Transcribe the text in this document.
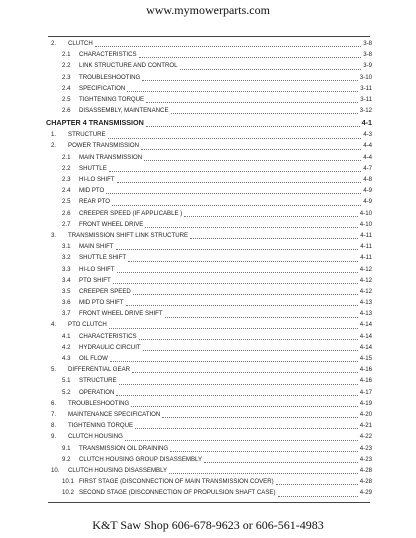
www.mymowerparts.com
2.	CLUTCH	3-8
2.1	CHARACTERISTICS	3-8
2.2	LINK STRUCTURE AND CONTROL	3-9
2.3	TROUBLESHOOTING	3-10
2.4	SPECIFICATION	3-11
2.5	TIGHTENING TORQUE	3-11
2.6	DISASSEMBLY, MAINTENANCE	3-12
CHAPTER 4 TRANSMISSION	4-1
1.	STRUCTURE	4-3
2.	POWER TRANSMISSION	4-4
2.1	MAIN TRANSMISSION	4-4
2.2	SHUTTLE	4-7
2.3	HI-LO SHIFT	4-8
2.4	MID PTO	4-9
2.5	REAR PTO	4-9
2.6	CREEPER SPEED (IF APPLICABLE )	4-10
2.7	FRONT WHEEL DRIVE	4-10
3.	TRANSMISSION SHIFT LINK STRUCTURE	4-11
3.1	MAIN SHIFT	4-11
3.2	SHUTTLE SHIFT	4-11
3.3	HI-LO SHIFT	4-12
3.4	PTO SHIFT	4-12
3.5	CREEPER SPEED	4-12
3.6	MID PTO SHIFT	4-13
3.7	FRONT WHEEL DRIVE SHIFT	4-13
4.	PTO CLUTCH	4-14
4.1	CHARACTERISTICS	4-14
4.2	HYDRAULIC CIRCUIT	4-14
4.3	OIL FLOW	4-15
5.	DIFFERENTIAL GEAR	4-16
5.1	STRUCTURE	4-16
5.2	OPERATION	4-17
6.	TROUBLESHOOTING	4-19
7.	MAINTENANCE SPECIFICATION	4-20
8.	TIGHTENING TORQUE	4-21
9.	CLUTCH HOUSING	4-22
9.1	TRANSMISSION OIL DRAINING	4-23
9.2	CLUTCH HOUSING GROUP DISASSEMBLY	4-23
10.	CLUTCH HOUSING DISASSEMBLY	4-28
10.1 FIRST STAGE (DISCONNECTION OF MAIN TRANSMISSION COVER)	4-28
10.2 SECOND STAGE (DISCONNECTION OF PROPULSION SHAFT CASE)	4-29
K&T Saw Shop 606-678-9623 or 606-561-4983
